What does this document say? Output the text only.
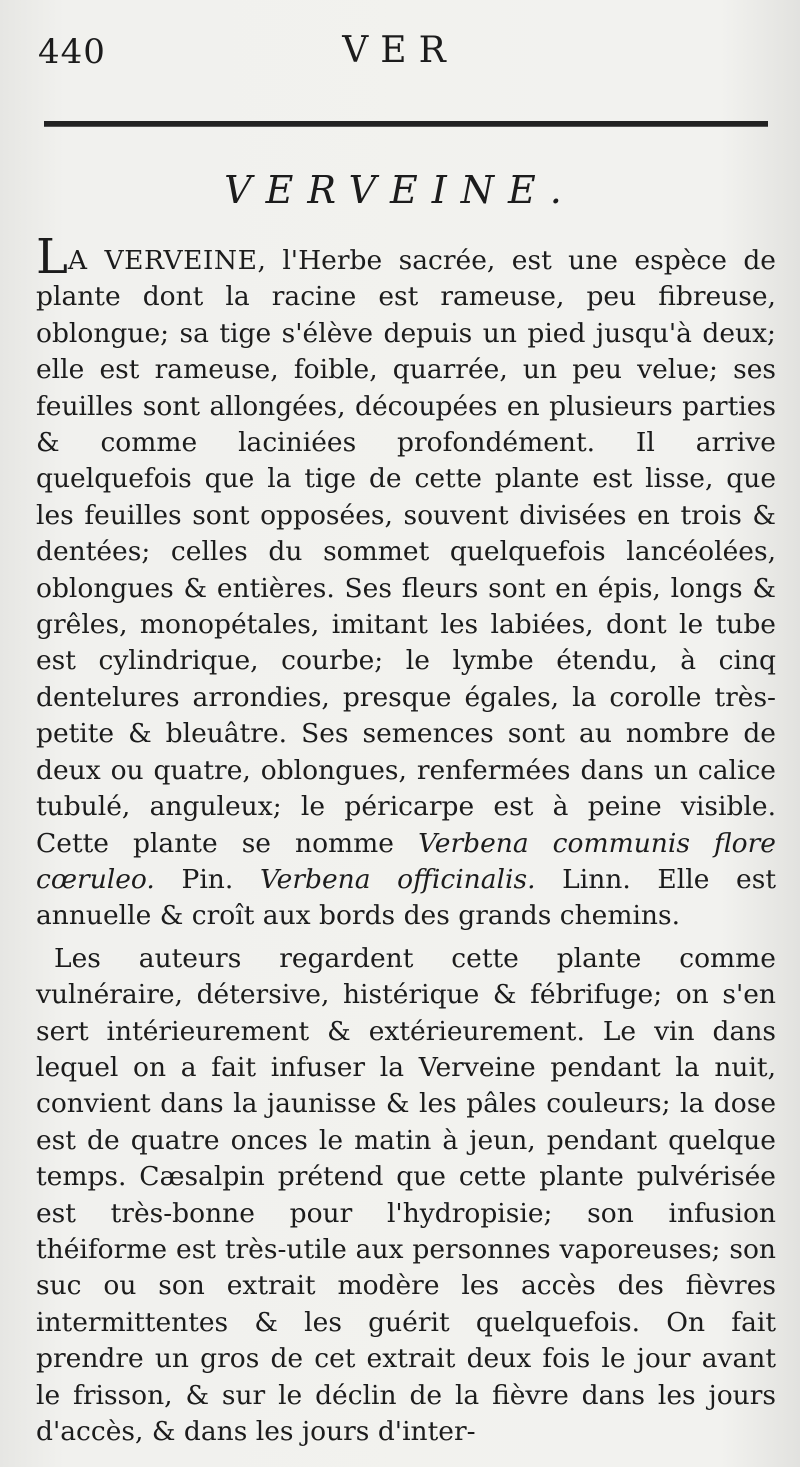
440	VER
VERVEINE.

LA VERVEINE, l'Herbe sacrée, est une espèce de plante dont la racine est rameuse, peu fibreuse, oblongue; sa tige s'élève depuis un pied jusqu'à deux; elle est rameuse, foible, quarrée, un peu velue; ses feuilles sont allongées, découpées en plusieurs parties & comme laciniées profondément. Il arrive quelquefois que la tige de cette plante est lisse, que les feuilles sont opposées, souvent divisées en trois & dentées; celles du sommet quelquefois lancéolées, oblongues & entières. Ses fleurs sont en épis, longs & grêles, monopétales, imitant les labiées, dont le tube est cylindrique, courbe; le lymbe étendu, à cinq dentelures arrondies, presque égales, la corolle très-petite & bleuâtre. Ses semences sont au nombre de deux ou quatre, oblongues, renfermées dans un calice tubulé, anguleux; le péricarpe est à peine visible. Cette plante se nomme Verbena communis flore cœruleo. Pin. Verbena officinalis. Linn. Elle est annuelle & croît aux bords des grands chemins.

Les auteurs regardent cette plante comme vulnéraire, détersive, histérique & fébrifuge; on s'en sert intérieurement & extérieurement. Le vin dans lequel on a fait infuser la Verveine pendant la nuit, convient dans la jaunisse & les pâles couleurs; la dose est de quatre onces le matin à jeun, pendant quelque temps. Cæsalpin prétend que cette plante pulvérisée est très-bonne pour l'hydropisie; son infusion théiforme est très-utile aux personnes vaporeuses; son suc ou son extrait modère les accès des fièvres intermittentes & les guérit quelquefois. On fait prendre un gros de cet extrait deux fois le jour avant le frisson, & sur le déclin de la fièvre dans les jours d'accès, & dans les jours d'inter-
